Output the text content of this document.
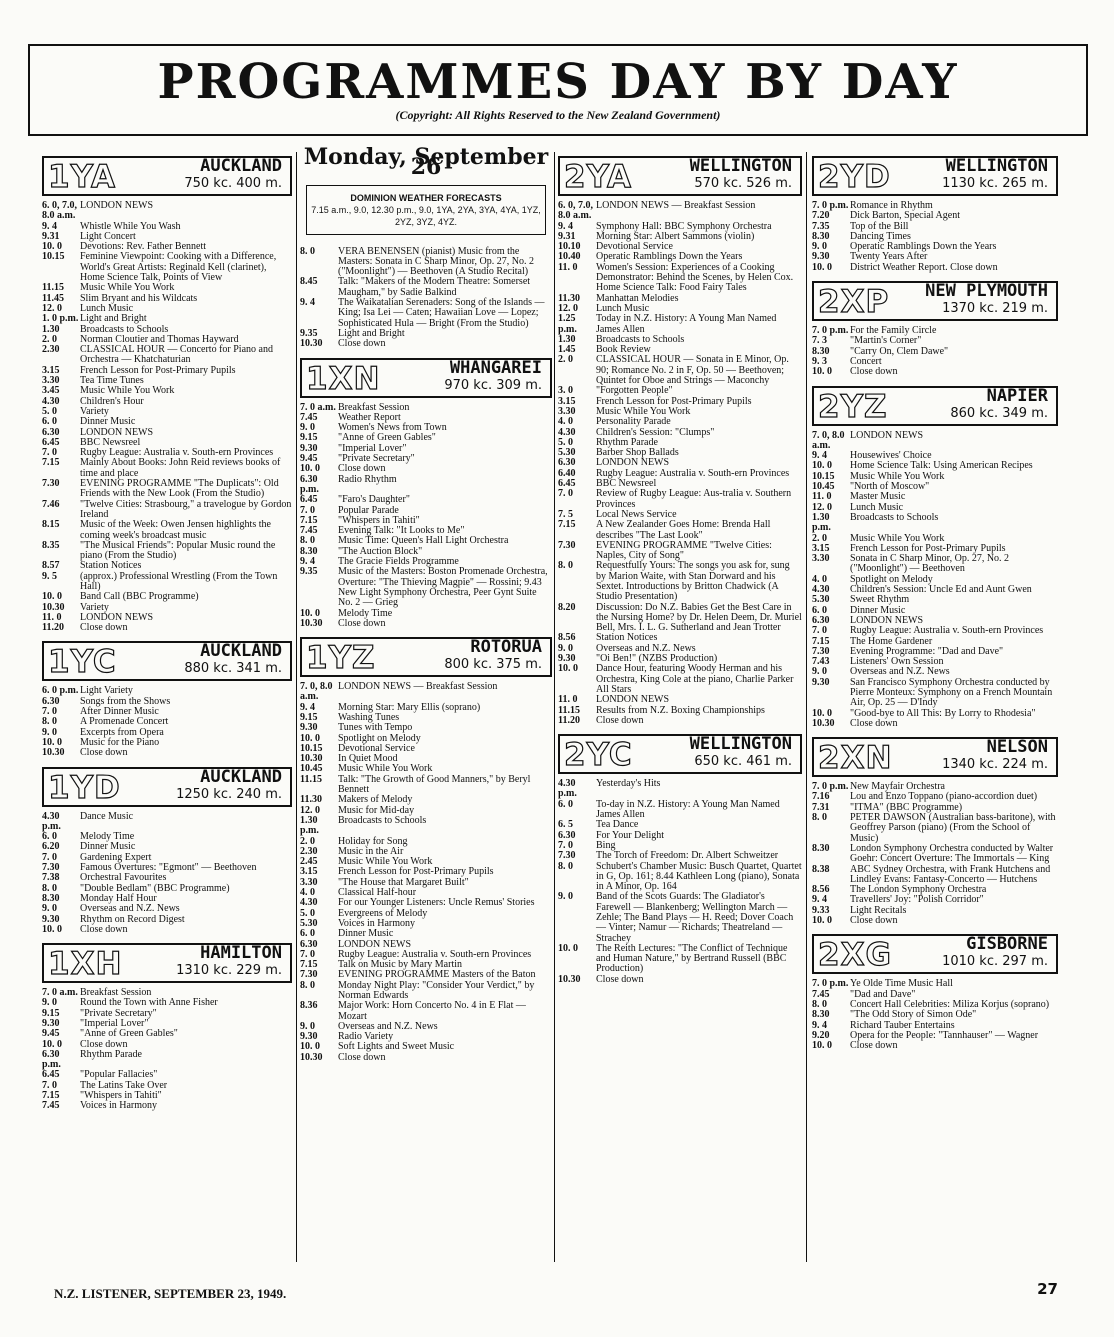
PROGRAMMES DAY BY DAY
(Copyright: All Rights Reserved to the New Zealand Government)
1YA	AUCKLAND
750 kc. 400 m.
6. 0, 7.0, 8.0 a.m.
LONDON NEWS
9. 4	Whistle While You Wash
9.31	Light Concert
10. 0	Devotions: Rev. Father Bennett
10.15	Feminine Viewpoint: Cooking with a Difference, World's Great Artists: Reginald Kell (clarinet), Home Science Talk, Points of View
11.15	Music While You Work
11.45	Slim Bryant and his Wildcats
12. 0	Lunch Music
1. 0 p.m. Light and Bright
1.30	Broadcasts to Schools
2. 0	Norman Cloutier and Thomas Hayward
2.30	CLASSICAL HOUR — Concerto for Piano and Orchestra — Khatchaturian
3.15	French Lesson for Post-Primary Pupils
3.30	Tea Time Tunes
3.45	Music While You Work
4.30	Children's Hour
5. 0	Variety
6. 0	Dinner Music
6.30	LONDON NEWS
6.45	BBC Newsreel
7. 0	Rugby League: Australia v. South-ern Provinces
7.15	Mainly About Books: John Reid reviews books of time and place
7.30	EVENING PROGRAMME "The Duplicats": Old Friends with the New Look (From the Studio)
7.46	"Twelve Cities: Strasbourg," a travelogue by Gordon Ireland
8.15	Music of the Week: Owen Jensen highlights the coming week's broadcast music
8.35	"The Musical Friends": Popular Music round the piano (From the Studio)
8.57	Station Notices
9. 5	(approx.) Professional Wrestling (From the Town Hall)
10. 0	Band Call (BBC Programme)
10.30	Variety
11. 0	LONDON NEWS
11.20	Close down
1YC	AUCKLAND
880 kc. 341 m.
6. 0 p.m. Light Variety
6.30	Songs from the Shows
7. 0	After Dinner Music
8. 0	A Promenade Concert
9. 0	Excerpts from Opera
10. 0	Music for the Piano
10.30	Close down
1YD	AUCKLAND
1250 kc. 240 m.
4.30 p.m.
Dance Music
6. 0	Melody Time
6.20	Dinner Music
7. 0	Gardening Expert
7.30	Famous Overtures: "Egmont" — Beethoven
7.38	Orchestral Favourites
8. 0	"Double Bedlam" (BBC Programme)
8.30	Monday Half Hour
9. 0	Overseas and N.Z. News
9.30	Rhythm on Record Digest
10. 0	Close down
1XH	HAMILTON
1310 kc. 229 m.
7. 0 a.m. Breakfast Session
9. 0	Round the Town with Anne Fisher
9.15	"Private Secretary"
9.30	"Imperial Lover"
9.45	"Anne of Green Gables"
10. 0	Close down
6.30 p.m.
Rhythm Parade
6.45	"Popular Fallacies"
7. 0	The Latins Take Over
7.15	"Whispers in Tahiti"
7.45	Voices in Harmony
Monday, September 26
DOMINION WEATHER FORECASTS
7.15 a.m., 9.0, 12.30 p.m., 9.0, 1YA, 2YA, 3YA, 4YA, 1YZ, 2YZ, 3YZ, 4YZ.
8. 0	VERA BENENSEN (pianist) Music from the Masters: Sonata in C Sharp Minor, Op. 27, No. 2 ("Moonlight") — Beethoven (A Studio Recital)
8.45	Talk: "Makers of the Modern Theatre: Somerset Maugham," by Sadie Balkind
9. 4	The Waikatalian Serenaders: Song of the Islands — King; Isa Lei — Caten; Hawaiian Love — Lopez; Sophisticated Hula — Bright (From the Studio)
9.35	Light and Bright
10.30	Close down
1XN	WHANGAREI
970 kc. 309 m.
7. 0 a.m. Breakfast Session
7.45	Weather Report
9. 0	Women's News from Town
9.15	"Anne of Green Gables"
9.30	"Imperial Lover"
9.45	"Private Secretary"
10. 0	Close down
6.30 p.m.
Radio Rhythm
6.45	"Faro's Daughter"
7. 0	Popular Parade
7.15	"Whispers in Tahiti"
7.45	Evening Talk: "It Looks to Me"
8. 0	Music Time: Queen's Hall Light Orchestra
8.30	"The Auction Block"
9. 4	The Gracie Fields Programme
9.35	Music of the Masters: Boston Promenade Orchestra, Overture: "The Thieving Magpie" — Rossini; 9.43 New Light Symphony Orchestra, Peer Gynt Suite No. 2 — Grieg
10. 0	Melody Time
10.30	Close down
1YZ	ROTORUA
800 kc. 375 m.
7. 0, 8.0 a.m.
LONDON NEWS — Breakfast Session
9. 4	Morning Star: Mary Ellis (soprano)
9.15	Washing Tunes
9.30	Tunes with Tempo
10. 0	Spotlight on Melody
10.15	Devotional Service
10.30	In Quiet Mood
10.45	Music While You Work
11.15	Talk: "The Growth of Good Manners," by Beryl Bennett
11.30	Makers of Melody
12. 0	Music for Mid-day
1.30 p.m.
Broadcasts to Schools
2. 0	Holiday for Song
2.30	Music in the Air
2.45	Music While You Work
3.15	French Lesson for Post-Primary Pupils
3.30	"The House that Margaret Built"
4. 0	Classical Half-hour
4.30	For our Younger Listeners: Uncle Remus' Stories
5. 0	Evergreens of Melody
5.30	Voices in Harmony
6. 0	Dinner Music
6.30	LONDON NEWS
7. 0	Rugby League: Australia v. South-ern Provinces
7.15	Talk on Music by Mary Martin
7.30	EVENING PROGRAMME Masters of the Baton
8. 0	Monday Night Play: "Consider Your Verdict," by Norman Edwards
8.36	Major Work: Horn Concerto No. 4 in E Flat — Mozart
9. 0	Overseas and N.Z. News
9.30	Radio Variety
10. 0	Soft Lights and Sweet Music
10.30	Close down
2YA	WELLINGTON
570 kc. 526 m.
6. 0, 7.0, 8.0 a.m.
LONDON NEWS — Breakfast Session
9. 4	Symphony Hall: BBC Symphony Orchestra
9.31	Morning Star: Albert Sammons (violin)
10.10	Devotional Service
10.40	Operatic Ramblings Down the Years
11. 0	Women's Session: Experiences of a Cooking Demonstrator: Behind the Scenes, by Helen Cox. Home Science Talk: Food Fairy Tales
11.30	Manhattan Melodies
12. 0	Lunch Music
1.25 p.m.
Today in N.Z. History: A Young Man Named James Allen
1.30	Broadcasts to Schools
1.45	Book Review
2. 0	CLASSICAL HOUR — Sonata in E Minor, Op. 90; Romance No. 2 in F, Op. 50 — Beethoven; Quintet for Oboe and Strings — Maconchy
3. 0	"Forgotten People"
3.15	French Lesson for Post-Primary Pupils
3.30	Music While You Work
4. 0	Personality Parade
4.30	Children's Session: "Clumps"
5. 0	Rhythm Parade
5.30	Barber Shop Ballads
6.30	LONDON NEWS
6.40	Rugby League: Australia v. South-ern Provinces
6.45	BBC Newsreel
7. 0	Review of Rugby League: Aus-tralia v. Southern Provinces
7. 5	Local News Service
7.15	A New Zealander Goes Home: Brenda Hall describes "The Last Look"
7.30	EVENING PROGRAMME "Twelve Cities: Naples, City of Song"
8. 0	Requestfully Yours: The songs you ask for, sung by Marion Waite, with Stan Dorward and his Sextet. Introductions by Britton Chadwick (A Studio Presentation)
8.20	Discussion: Do N.Z. Babies Get the Best Care in the Nursing Home? by Dr. Helen Deem, Dr. Muriel Bell, Mrs. I. L. G. Sutherland and Jean Trotter
8.56	Station Notices
9. 0	Overseas and N.Z. News
9.30	"Oi Ben!" (NZBS Production)
10. 0	Dance Hour, featuring Woody Herman and his Orchestra, King Cole at the piano, Charlie Parker All Stars
11. 0	LONDON NEWS
11.15	Results from N.Z. Boxing Championships
11.20	Close down
2YC	WELLINGTON
650 kc. 461 m.
4.30 p.m.
Yesterday's Hits
6. 0	To-day in N.Z. History: A Young Man Named James Allen
6. 5	Tea Dance
6.30	For Your Delight
7. 0	Bing
7.30	The Torch of Freedom: Dr. Albert Schweitzer
8. 0	Schubert's Chamber Music: Busch Quartet, Quartet in G, Op. 161; 8.44 Kathleen Long (piano), Sonata in A Minor, Op. 164
9. 0	Band of the Scots Guards: The Gladiator's Farewell — Blankenberg; Wellington March — Zehle; The Band Plays — H. Reed; Dover Coach — Vinter; Namur — Richards; Theatreland — Strachey
10. 0	The Reith Lectures: "The Conflict of Technique and Human Nature," by Bertrand Russell (BBC Production)
10.30	Close down
2YD	WELLINGTON
1130 kc. 265 m.
7. 0 p.m. Romance in Rhythm
7.20	Dick Barton, Special Agent
7.35	Top of the Bill
8.30	Dancing Times
9. 0	Operatic Ramblings Down the Years
9.30	Twenty Years After
10. 0	District Weather Report. Close down
2XP NEW PLYMOUTH
1370 kc. 219 m.
7. 0 p.m. For the Family Circle
7. 3	"Martin's Corner"
8.30	"Carry On, Clem Dawe"
9. 3	Concert
10. 0	Close down
2YZ	NAPIER
860 kc. 349 m.
7. 0, 8.0 a.m.
LONDON NEWS
9. 4	Housewives' Choice
10. 0	Home Science Talk: Using American Recipes
10.15	Music While You Work
10.45	"North of Moscow"
11. 0	Master Music
12. 0	Lunch Music
1.30 p.m.
Broadcasts to Schools
2. 0	Music While You Work
3.15	French Lesson for Post-Primary Pupils
3.30	Sonata in C Sharp Minor, Op. 27, No. 2 ("Moonlight") — Beethoven
4. 0	Spotlight on Melody
4.30	Children's Session: Uncle Ed and Aunt Gwen
5.30	Sweet Rhythm
6. 0	Dinner Music
6.30	LONDON NEWS
7. 0	Rugby League: Australia v. South-ern Provinces
7.15	The Home Gardener
7.30	Evening Programme: "Dad and Dave"
7.43	Listeners' Own Session
9. 0	Overseas and N.Z. News
9.30	San Francisco Symphony Orchestra conducted by Pierre Monteux: Symphony on a French Mountain Air, Op. 25 — D'Indy
10. 0	"Good-bye to All This: By Lorry to Rhodesia"
10.30	Close down
2XN	NELSON
1340 kc. 224 m.
7. 0 p.m. New Mayfair Orchestra
7.16	Lou and Enzo Toppano (piano-accordion duet)
7.31	"ITMA" (BBC Programme)
8. 0	PETER DAWSON (Australian bass-baritone), with Geoffrey Parson (piano) (From the School of Music)
8.30	London Symphony Orchestra conducted by Walter Goehr: Concert Overture: The Immortals — King
8.38	ABC Sydney Orchestra, with Frank Hutchens and Lindley Evans: Fantasy-Concerto — Hutchens
8.56	The London Symphony Orchestra
9. 4	Travellers' Joy: "Polish Corridor"
9.33	Light Recitals
10. 0	Close down
2XG	GISBORNE
1010 kc. 297 m.
7. 0 p.m. Ye Olde Time Music Hall
7.45	"Dad and Dave"
8. 0	Concert Hall Celebrities: Miliza Korjus (soprano)
8.30	"The Odd Story of Simon Ode"
9. 4	Richard Tauber Entertains
9.20	Opera for the People: "Tannhauser" — Wagner
10. 0	Close down
N.Z. LISTENER, SEPTEMBER 23, 1949.	27
